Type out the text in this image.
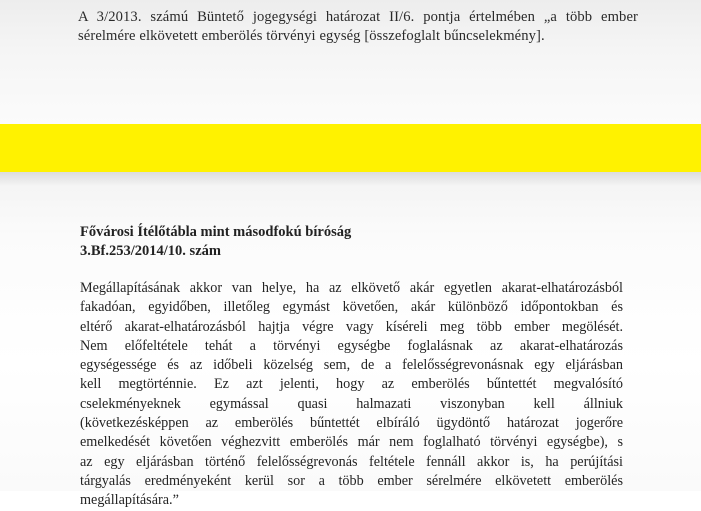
A 3/2013. számú Büntető jogegységi határozat II/6. pontja értelmében „a több ember
sérelmére elkövetett emberölés törvényi egység [összefoglalt bűncselekmény].
Fővárosi Ítélőtábla mint másodfokú bíróság
3.Bf.253/2014/10. szám
Megállapításának akkor van helye, ha az elkövető akár egyetlen akarat-elhatározásból
fakadóan, egyidőben, illetőleg egymást követően, akár különböző időpontokban és
eltérő akarat-elhatározásból hajtja végre vagy kíséreli meg több ember megölését.
Nem előfeltétele tehát a törvényi egységbe foglalásnak az akarat-elhatározás
egységessége és az időbeli közelség sem, de a felelősségrevonásnak egy eljárásban
kell megtörténnie. Ez azt jelenti, hogy az emberölés bűntettét megvalósító
cselekményeknek egymással quasi halmazati viszonyban kell állniuk
(következésképpen az emberölés bűntettét elbíráló ügydöntő határozat jogerőre
emelkedését követően véghezvitt emberölés már nem foglalható törvényi egységbe), s
az egy eljárásban történő felelősségrevonás feltétele fennáll akkor is, ha perújítási
tárgyalás eredményeként kerül sor a több ember sérelmére elkövetett emberölés
megállapítására.”
